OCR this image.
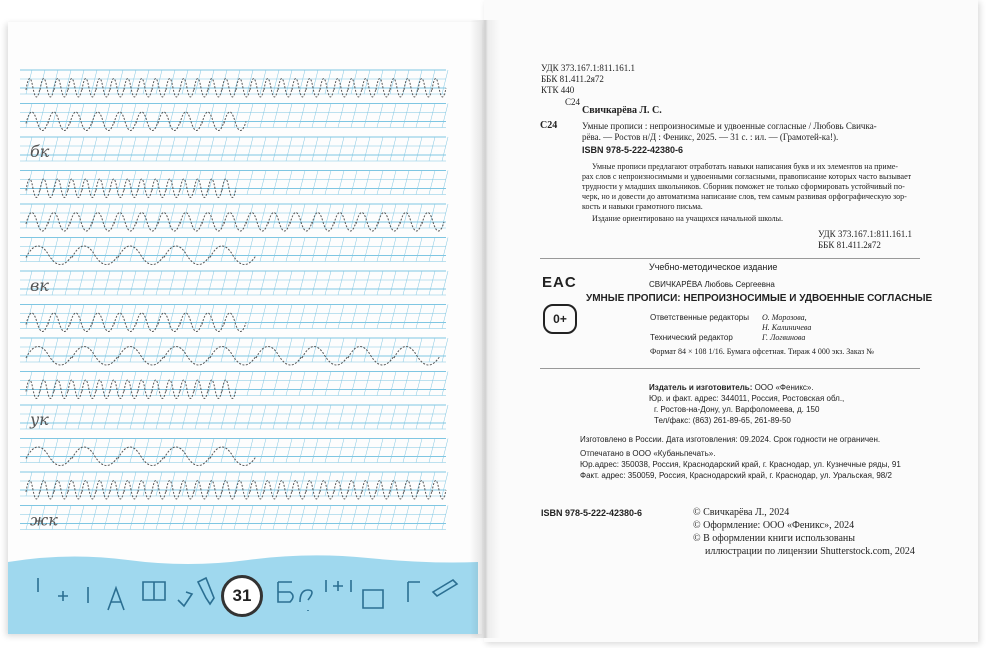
бк
вк
ук
жк
31
УДК 373.167.1:811.161.1
ББК 81.411.2я72
КТК 440
С24
Свичкарёва Л. С.
С24	Умные прописи : непроизносимые и удвоенные согласные / Любовь Свичка-
рёва. — Ростов н/Д : Феникс, 2025. — 31 с. : ил. — (Грамотей-ка!).
ISBN 978-5-222-42380-6
Умные прописи предлагают отработать навыки написания букв и их элементов на приме-
рах слов с непроизносимыми и удвоенными согласными, правописание которых часто вызывает
трудности у младших школьников. Сборник поможет не только сформировать устойчивый по-
черк, но и довести до автоматизма написание слов, тем самым развивая орфографическую зор-
кость и навыки грамотного письма.
Издание ориентировано на учащихся начальной школы.
УДК 373.167.1:811.161.1
ББК 81.411.2я72
Учебно-методическое издание
EAC
0+
СВИЧКАРЁВА Любовь Сергеевна
УМНЫЕ ПРОПИСИ: НЕПРОИЗНОСИМЫЕ И УДВОЕННЫЕ СОГЛАСНЫЕ
Ответственные редакторы О. Морозова,
Н. Калиничева
Технический редактор	Г. Логвинова
Формат 84 × 108 1/16. Бумага офсетная. Тираж 4 000 экз. Заказ №
Издатель и изготовитель: ООО «Феникс».
Юр. и факт. адрес: 344011, Россия, Ростовская обл.,
г. Ростов-на-Дону, ул. Варфоломеева, д. 150
Тел/факс: (863) 261-89-65, 261-89-50
Изготовлено в России. Дата изготовления: 09.2024. Срок годности не ограничен.
Отпечатано в ООО «Кубаньпечать».
Юр.адрес: 350038, Россия, Краснодарский край, г. Краснодар, ул. Кузнечные ряды, 91
Факт. адрес: 350059, Россия, Краснодарский край, г. Краснодар, ул. Уральская, 98/2
ISBN 978-5-222-42380-6	© Свичкарёва Л., 2024
© Оформление: ООО «Феникс», 2024
© В оформлении книги использованы
иллюстрации по лицензии Shutterstock.com, 2024
